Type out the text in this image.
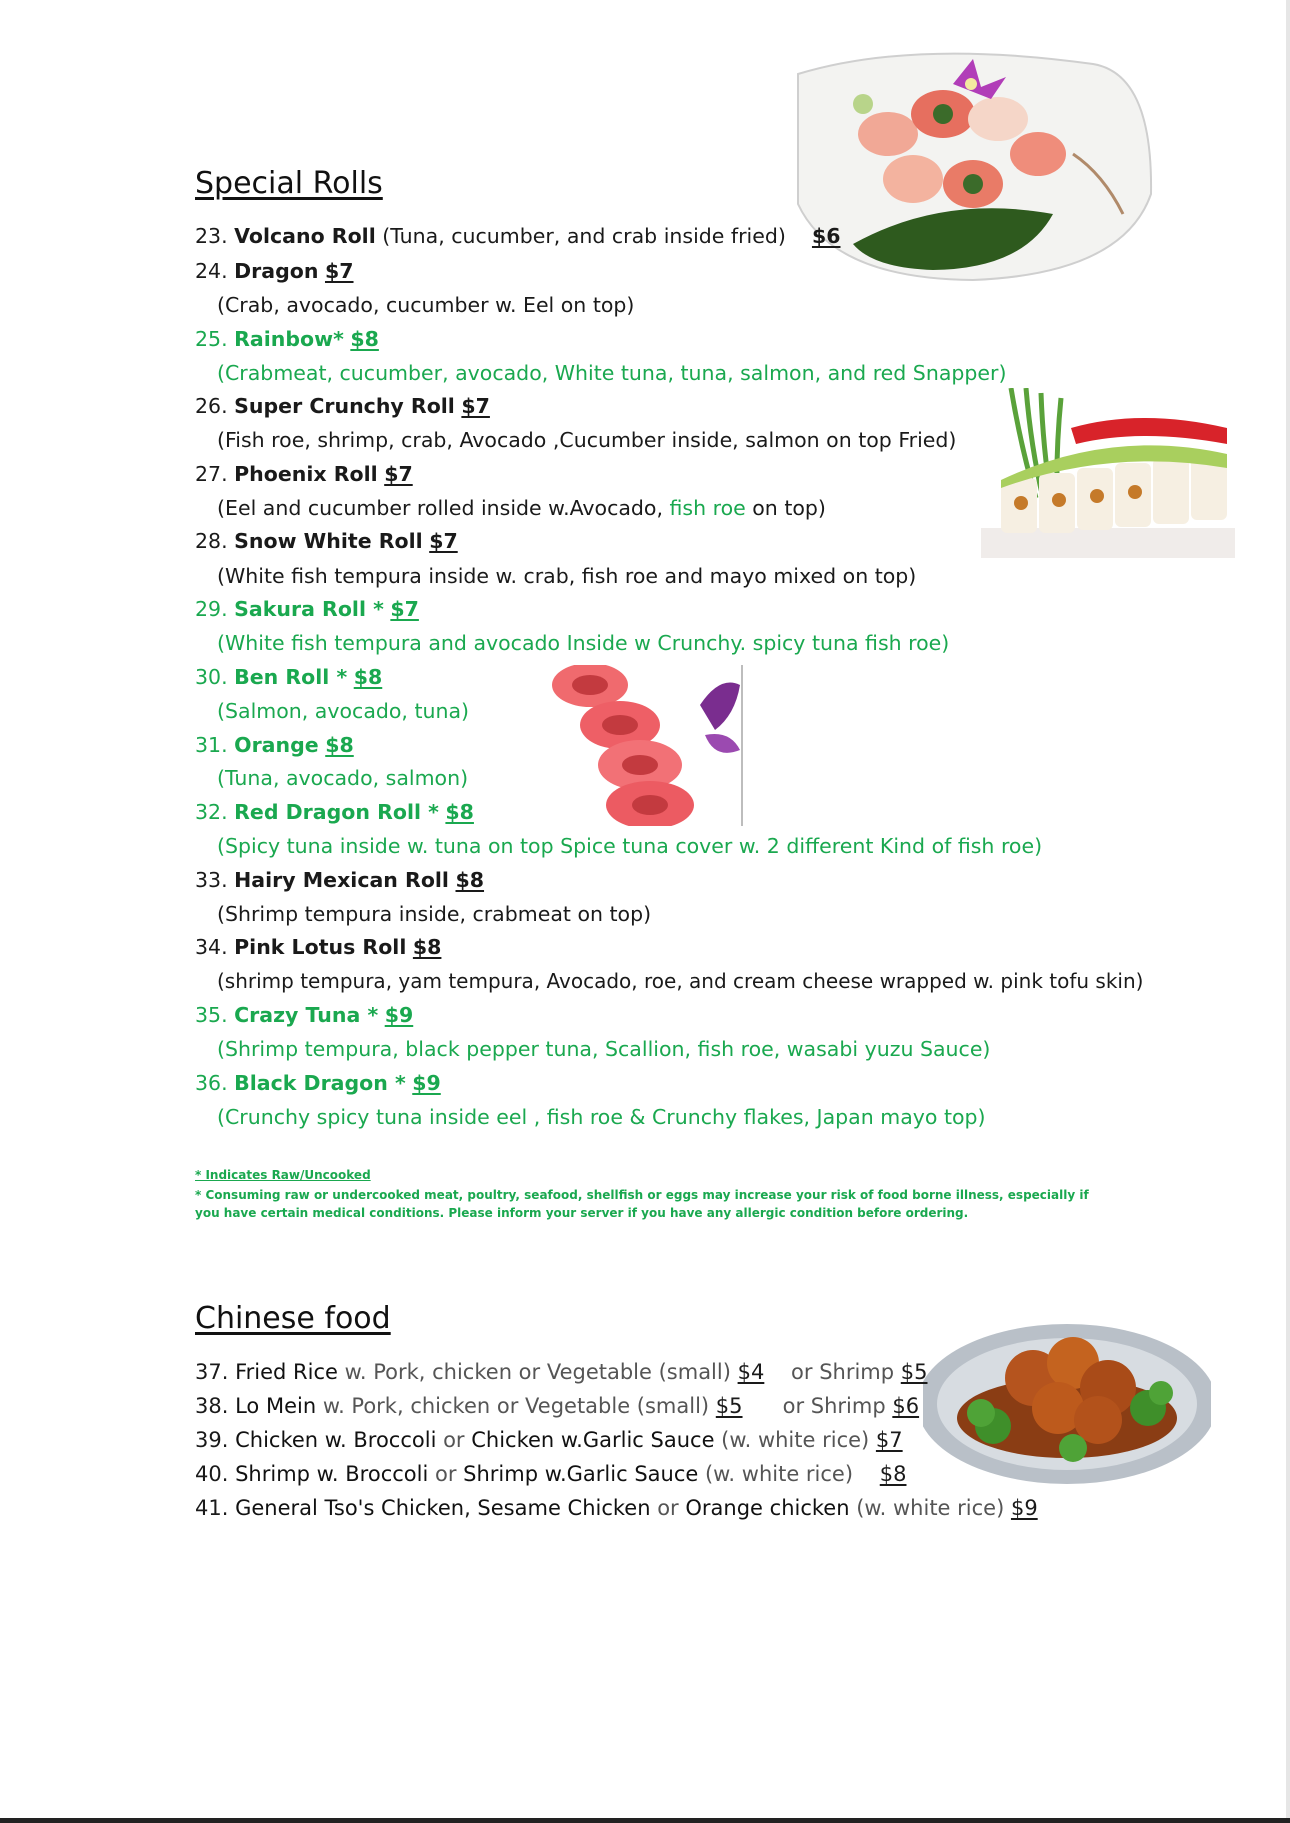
Special Rolls
23. Volcano Roll (Tuna, cucumber, and crab inside fried) $6
24. Dragon $7
(Crab, avocado, cucumber w. Eel on top)
25. Rainbow* $8
(Crabmeat, cucumber, avocado, White tuna, tuna, salmon, and red Snapper)
26. Super Crunchy Roll $7
(Fish roe, shrimp, crab, Avocado ,Cucumber inside, salmon on top Fried)
27. Phoenix Roll $7
(Eel and cucumber rolled inside w.Avocado, fish roe on top)
28. Snow White Roll $7
(White fish tempura inside w. crab, fish roe and mayo mixed on top)
29. Sakura Roll * $7
(White fish tempura and avocado Inside w Crunchy. spicy tuna fish roe)
30. Ben Roll * $8
(Salmon, avocado, tuna)
31. Orange $8
(Tuna, avocado, salmon)
32. Red Dragon Roll * $8
(Spicy tuna inside w. tuna on top Spice tuna cover w. 2 different Kind of fish roe)
33. Hairy Mexican Roll $8
(Shrimp tempura inside, crabmeat on top)
34. Pink Lotus Roll $8
(shrimp tempura, yam tempura, Avocado, roe, and cream cheese wrapped w. pink tofu skin)
35. Crazy Tuna * $9
(Shrimp tempura, black pepper tuna, Scallion, fish roe, wasabi yuzu Sauce)
36. Black Dragon * $9
(Crunchy spicy tuna inside eel , fish roe & Crunchy flakes, Japan mayo top)
* Indicates Raw/Uncooked
* Consuming raw or undercooked meat, poultry, seafood, shellfish or eggs may increase your risk of food borne illness, especially if you have certain medical conditions. Please inform your server if you have any allergic condition before ordering.
Chinese food
37. Fried Rice w. Pork, chicken or Vegetable (small) $4 or Shrimp $5
38. Lo Mein w. Pork, chicken or Vegetable (small) $5 or Shrimp $6
39. Chicken w. Broccoli or Chicken w.Garlic Sauce (w. white rice) $7
40. Shrimp w. Broccoli or Shrimp w.Garlic Sauce (w. white rice) $8
41. General Tso's Chicken, Sesame Chicken or Orange chicken (w. white rice) $9
